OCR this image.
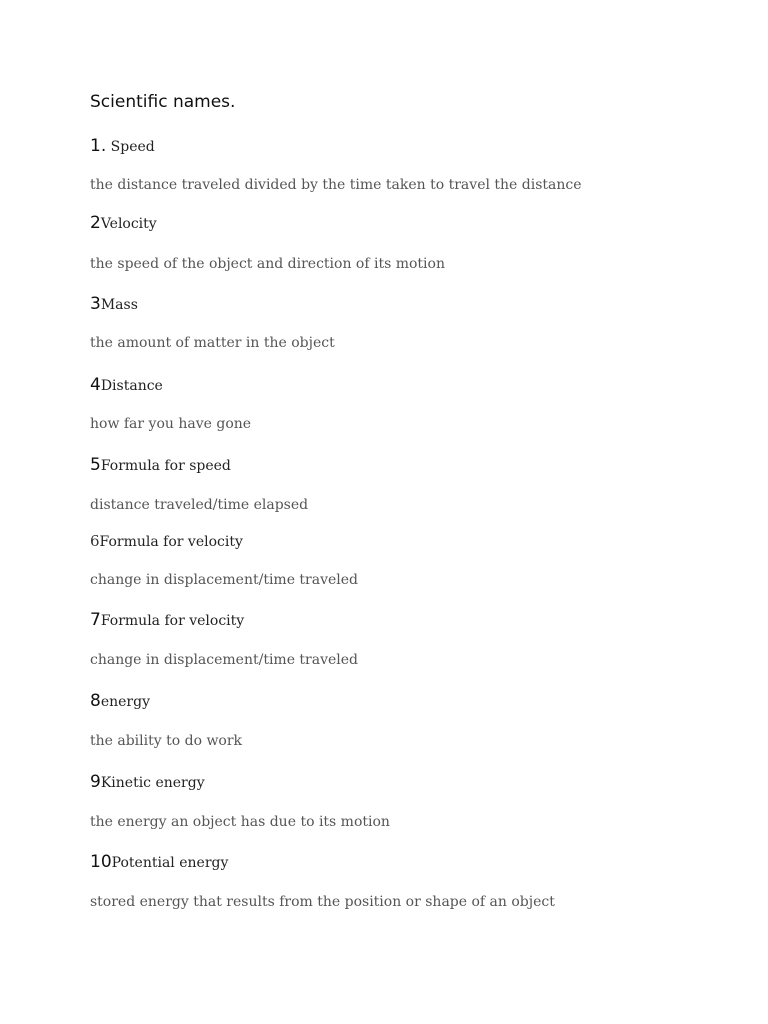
Scientific names.
1. Speed
the distance traveled divided by the time taken to travel the distance
2Velocity
the speed of the object and direction of its motion
3Mass
the amount of matter in the object
4Distance
how far you have gone
5Formula for speed
distance traveled/time elapsed
6Formula for velocity
change in displacement/time traveled
7Formula for velocity
change in displacement/time traveled
8energy
the ability to do work
9Kinetic energy
the energy an object has due to its motion
10Potential energy
stored energy that results from the position or shape of an object
